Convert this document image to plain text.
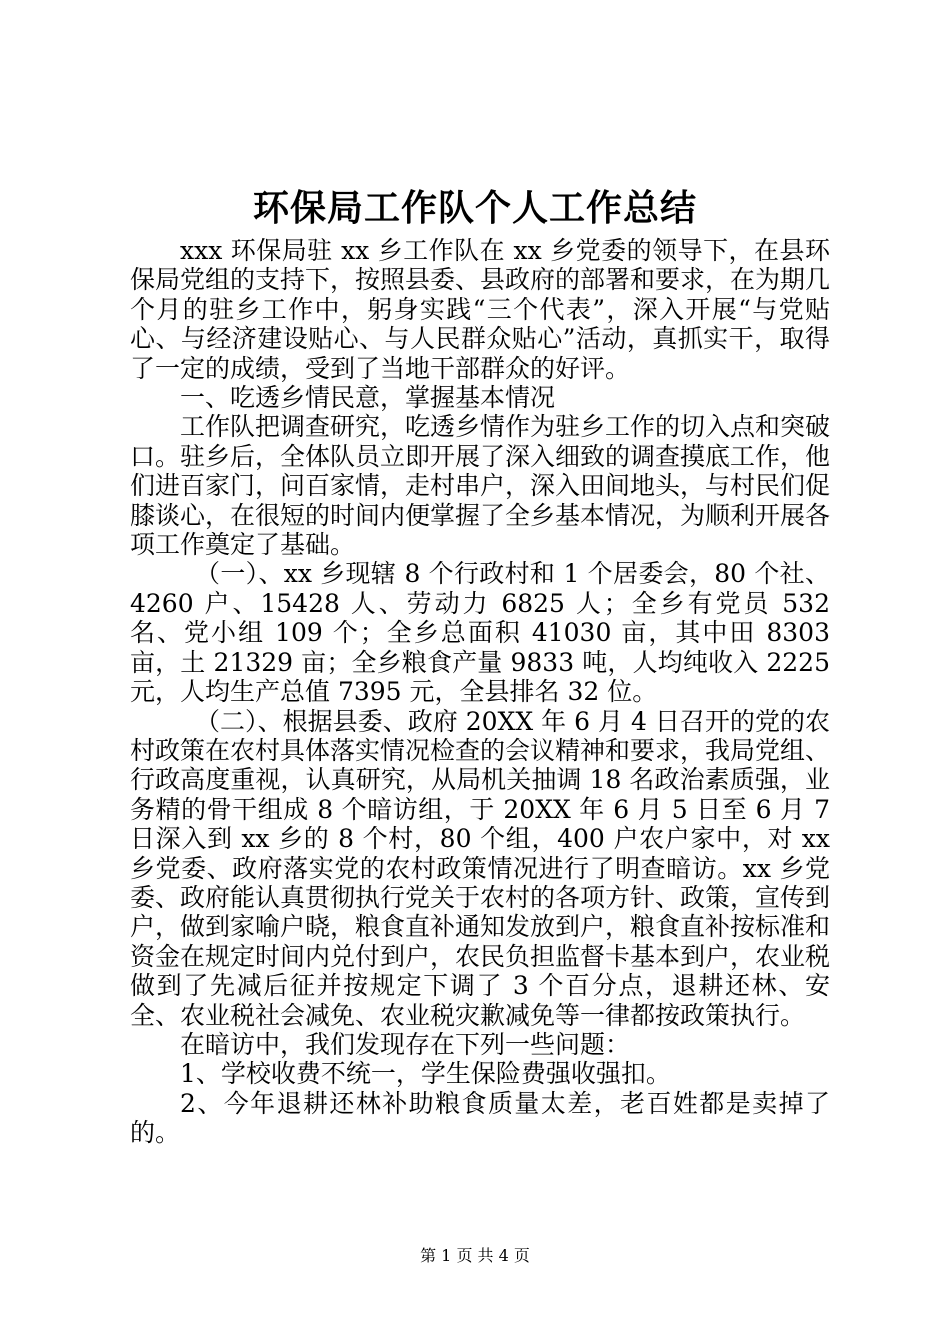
环保局工作队个人工作总结

xxx 环保局驻 xx 乡工作队在 xx 乡党委的领导下，在县环保局党组的支持下，按照县委、县政府的部署和要求，在为期几个月的驻乡工作中，躬身实践“三个代表”，深入开展“与党贴心、与经济建设贴心、与人民群众贴心”活动，真抓实干，取得了一定的成绩，受到了当地干部群众的好评。

一、吃透乡情民意，掌握基本情况

工作队把调查研究，吃透乡情作为驻乡工作的切入点和突破口。驻乡后，全体队员立即开展了深入细致的调查摸底工作，他们进百家门，问百家情，走村串户，深入田间地头，与村民们促膝谈心，在很短的时间内便掌握了全乡基本情况，为顺利开展各项工作奠定了基础。

（一）、xx 乡现辖 8 个行政村和 1 个居委会，80 个社、4260 户、15428 人、劳动力 6825 人；全乡有党员 532 名、党小组 109 个；全乡总面积 41030 亩，其中田 8303 亩，土 21329 亩；全乡粮食产量 9833 吨，人均纯收入 2225 元，人均生产总值 7395 元，全县排名 32 位。

（二）、根据县委、政府 20XX 年 6 月 4 日召开的党的农村政策在农村具体落实情况检查的会议精神和要求，我局党组、行政高度重视，认真研究，从局机关抽调 18 名政治素质强，业务精的骨干组成 8 个暗访组，于 20XX 年 6 月 5 日至 6 月 7 日深入到 xx 乡的 8 个村，80 个组，400 户农户家中，对 xx 乡党委、政府落实党的农村政策情况进行了明查暗访。xx 乡党委、政府能认真贯彻执行党关于农村的各项方针、政策，宣传到户，做到家喻户晓，粮食直补通知发放到户，粮食直补按标准和资金在规定时间内兑付到户，农民负担监督卡基本到户，农业税做到了先减后征并按规定下调了 3 个百分点，退耕还林、安全、农业税社会减免、农业税灾歉减免等一律都按政策执行。

在暗访中，我们发现存在下列一些问题：

1、学校收费不统一，学生保险费强收强扣。

2、今年退耕还林补助粮食质量太差，老百姓都是卖掉了的。

第 1 页 共 4 页
